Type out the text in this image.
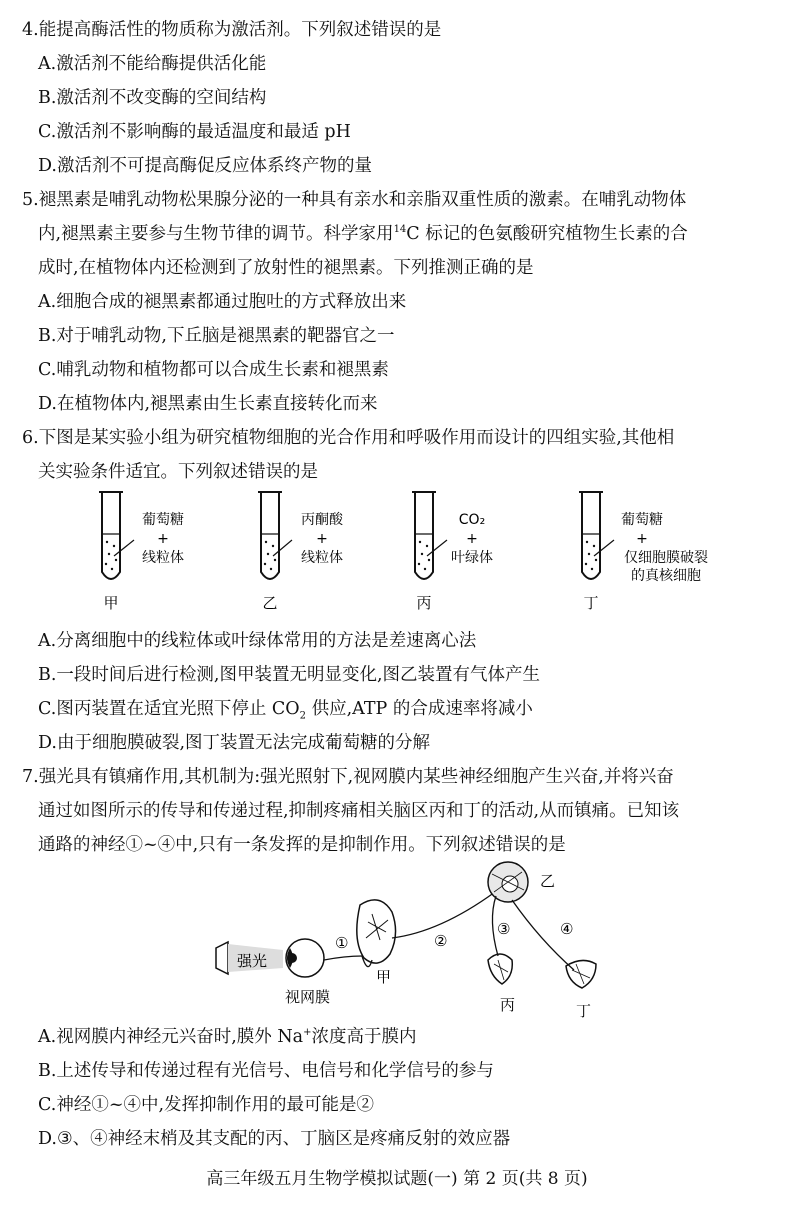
4.能提高酶活性的物质称为激活剂。下列叙述错误的是
A.激活剂不能给酶提供活化能
B.激活剂不改变酶的空间结构
C.激活剂不影响酶的最适温度和最适 pH
D.激活剂不可提高酶促反应体系终产物的量
5.褪黑素是哺乳动物松果腺分泌的一种具有亲水和亲脂双重性质的激素。在哺乳动物体
内,褪黑素主要参与生物节律的调节。科学家用$^{14}$C 标记的色氨酸研究植物生长素的合
成时,在植物体内还检测到了放射性的褪黑素。下列推测正确的是
A.细胞合成的褪黑素都通过胞吐的方式释放出来
B.对于哺乳动物,下丘脑是褪黑素的靶器官之一
C.哺乳动物和植物都可以合成生长素和褪黑素
D.在植物体内,褪黑素由生长素直接转化而来
6.下图是某实验小组为研究植物细胞的光合作用和呼吸作用而设计的四组实验,其他相
关实验条件适宜。下列叙述错误的是
葡萄糖
+
线粒体
甲
丙酮酸
+
线粒体
乙
CO₂
+
叶绿体
丙
葡萄糖
+
仅细胞膜破裂
的真核细胞
丁
A.分离细胞中的线粒体或叶绿体常用的方法是差速离心法
B.一段时间后进行检测,图甲装置无明显变化,图乙装置有气体产生
C.图丙装置在适宜光照下停止 $CO_2$ 供应,ATP 的合成速率将减小
D.由于细胞膜破裂,图丁装置无法完成葡萄糖的分解
7.强光具有镇痛作用,其机制为:强光照射下,视网膜内某些神经细胞产生兴奋,并将兴奋
通过如图所示的传导和传递过程,抑制疼痛相关脑区丙和丁的活动,从而镇痛。已知该
通路的神经①~④中,只有一条发挥的是抑制作用。下列叙述错误的是
强光
视网膜
①
甲
②
乙
③	④
丙	丁
A.视网膜内神经元兴奋时,膜外 Na+浓度高于膜内
B.上述传导和传递过程有光信号、电信号和化学信号的参与
C.神经①~④中,发挥抑制作用的最可能是②
D.③、④神经末梢及其支配的丙、丁脑区是疼痛反射的效应器
高三年级五月生物学模拟试题(一) 第 2 页(共 8 页)
